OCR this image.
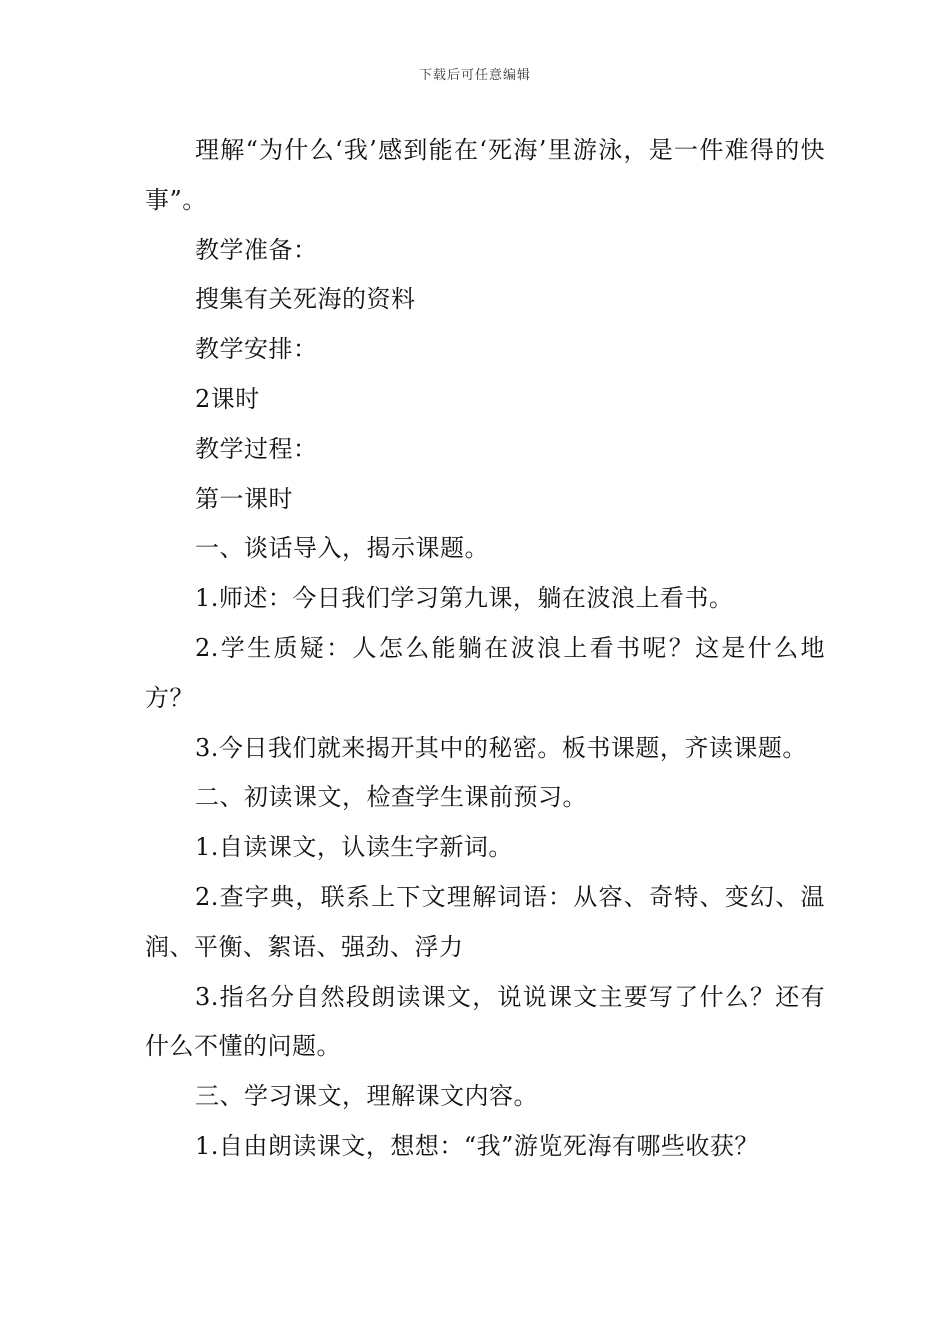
下载后可任意编辑

理解“为什么‘我’感到能在‘死海’里游泳，是一件难得的快事”。

教学准备：

搜集有关死海的资料

教学安排：

2课时

教学过程：

第一课时

一、谈话导入，揭示课题。

1.师述：今日我们学习第九课，躺在波浪上看书。

2.学生质疑：人怎么能躺在波浪上看书呢？这是什么地方？

3.今日我们就来揭开其中的秘密。板书课题，齐读课题。

二、初读课文，检查学生课前预习。

1.自读课文，认读生字新词。

2.查字典，联系上下文理解词语：从容、奇特、变幻、温润、平衡、絮语、强劲、浮力

3.指名分自然段朗读课文，说说课文主要写了什么？还有什么不懂的问题。

三、学习课文，理解课文内容。

1.自由朗读课文，想想：“我”游览死海有哪些收获？
